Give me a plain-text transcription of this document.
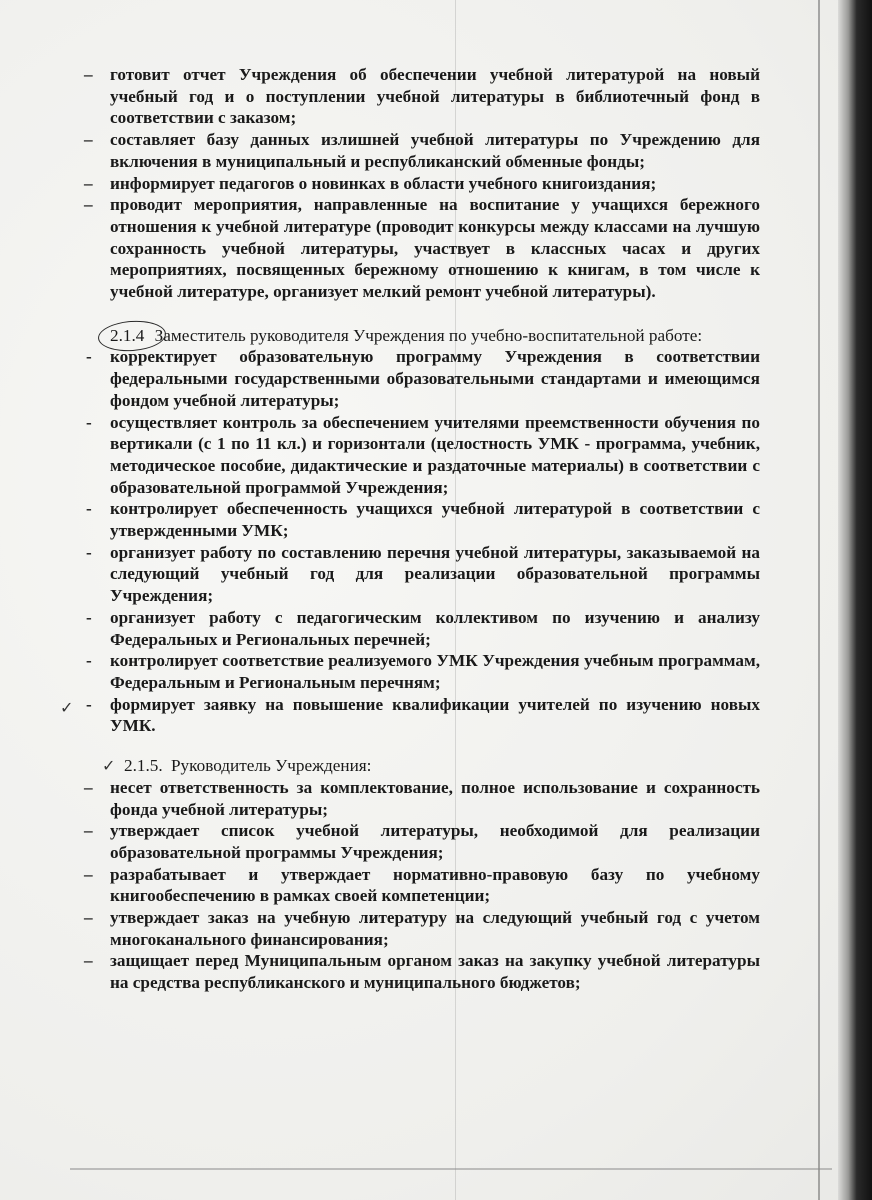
–	готовит отчет Учреждения об обеспечении учебной литературой на новый учебный год и о поступлении учебной литературы в библиотечный фонд в соответствии с заказом;

–	составляет базу данных излишней учебной литературы по Учреждению для включения в муниципальный и республиканский обменные фонды;

–	информирует педагогов о новинках в области учебного книгоиздания;

–	проводит мероприятия, направленные на воспитание у учащихся бережного отношения к учебной литературе (проводит конкурсы между классами на лучшую сохранность учебной литературы, участвует в классных часах и других мероприятиях, посвященных бережному отношению к книгам, в том числе к учебной литературе, организует мелкий ремонт учебной литературы).

2.1.4 Заместитель руководителя Учреждения по учебно-воспитательной работе:

-	корректирует образовательную программу Учреждения в соответствии федеральными государственными образовательными стандартами и имеющимся фондом учебной литературы;

-	осуществляет контроль за обеспечением учителями преемственности обучения по вертикали (с 1 по 11 кл.) и горизонтали (целостность УМК - программа, учебник, методическое пособие, дидактические и раздаточные материалы) в соответствии с образовательной программой Учреждения;

-	контролирует обеспеченность учащихся учебной литературой в соответствии с утвержденными УМК;

-	организует работу по составлению перечня учебной литературы, заказываемой на следующий учебный год для реализации образовательной программы Учреждения;

-	организует работу с педагогическим коллективом по изучению и анализу Федеральных и Региональных перечней;

-	контролирует соответствие реализуемого УМК Учреждения учебным программам, Федеральным и Региональным перечням;

-	формирует заявку на повышение квалификации учителей по изучению новых УМК.
✓

✓ 2.1.5. Руководитель Учреждения:

–	несет ответственность за комплектование, полное использование и сохранность фонда учебной литературы;

–	утверждает список учебной литературы, необходимой для реализации образовательной программы Учреждения;

–	разрабатывает и утверждает нормативно-правовую базу по учебному книгообеспечению в рамках своей компетенции;

–	утверждает заказ на учебную литературу на следующий учебный год с учетом многоканального финансирования;

–	защищает перед Муниципальным органом заказ на закупку учебной литературы на средства республиканского и муниципального бюджетов;
